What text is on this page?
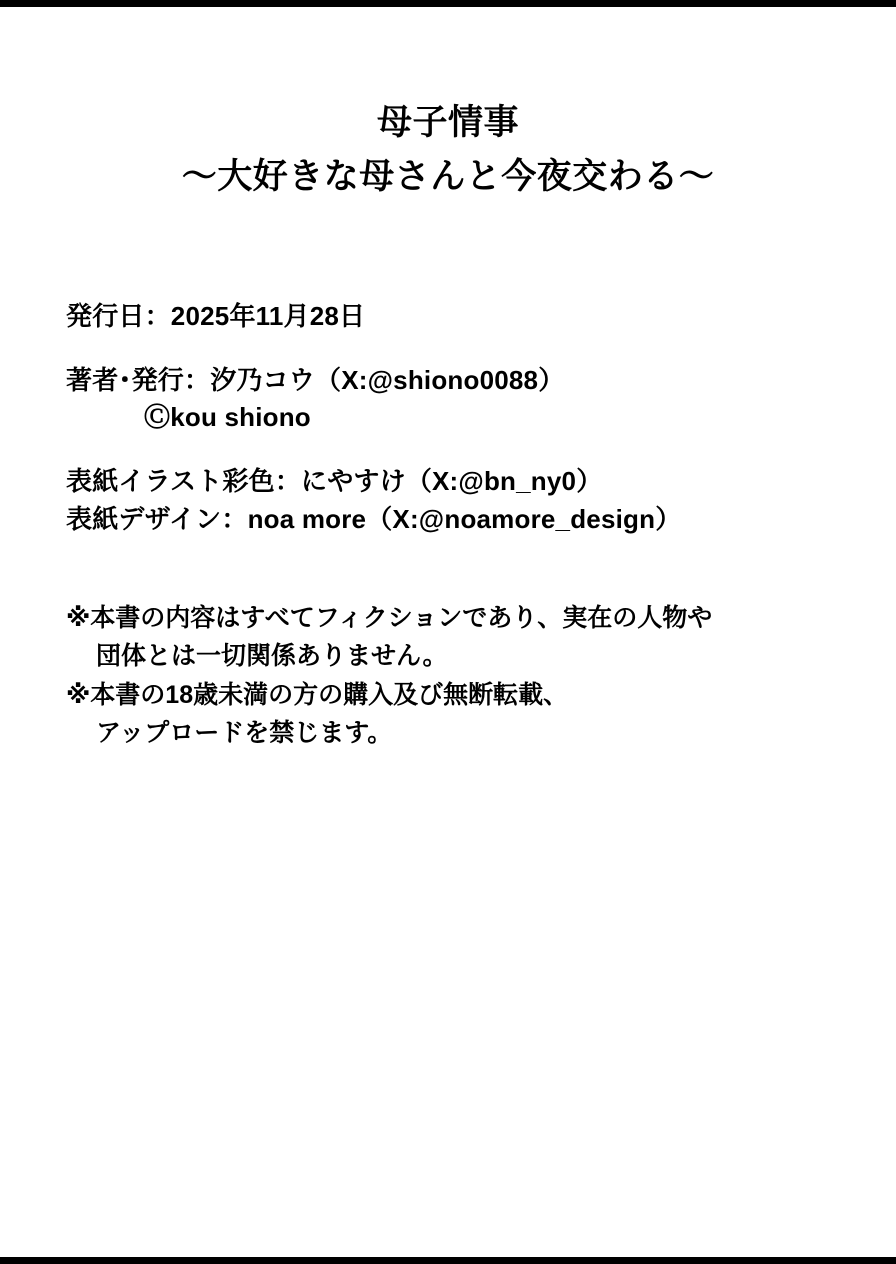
母子情事
～大好きな母さんと今夜交わる～
発行日：2025年11月28日
著者･発行：汐乃コウ（X:@shiono0088）
Ⓒkou shiono
表紙イラスト彩色：にやすけ（X:@bn_ny0）
表紙デザイン：noa more（X:@noamore_design）
※本書の内容はすべてフィクションであり、実在の人物や
団体とは一切関係ありません。
※本書の18歳未満の方の購入及び無断転載、
アップロードを禁じます。
